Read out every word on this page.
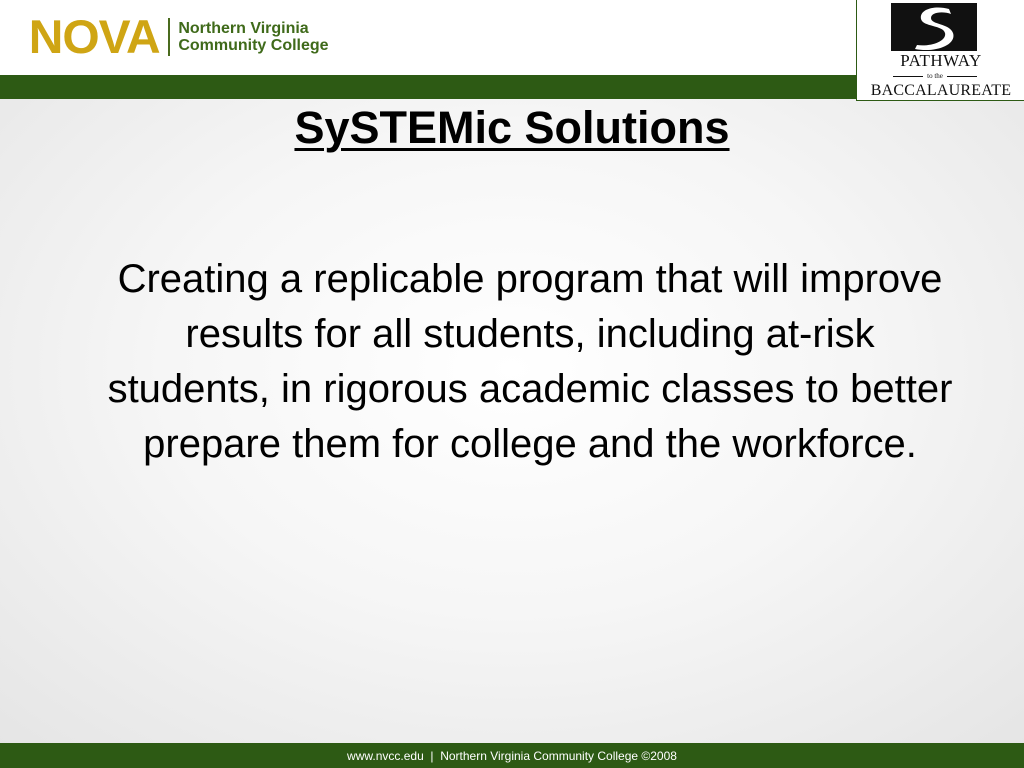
NOVA Northern Virginia
Community College
PATHWAY
to the
BACCALAUREATE
SySTEMic Solutions
Creating a replicable program that will improve results for all students, including at-risk students, in rigorous academic classes to better prepare them for college and the workforce.
www.nvcc.edu  |  Northern Virginia Community College ©2008
